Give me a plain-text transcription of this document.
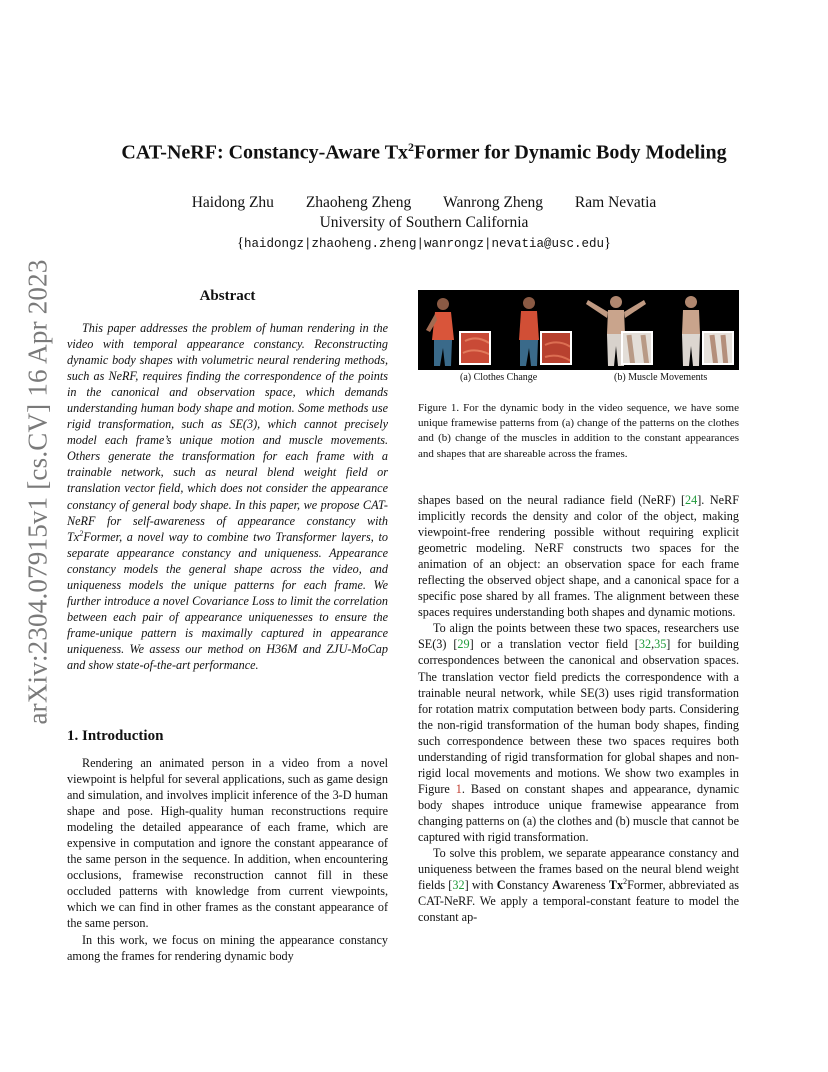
arXiv:2304.07915v1 [cs.CV] 16 Apr 2023
CAT-NeRF: Constancy-Aware Tx$^2$Former for Dynamic Body Modeling
Haidong Zhu Zhaoheng Zheng Wanrong Zheng Ram Nevatia
University of Southern California
{haidongz|zhaoheng.zheng|wanrongz|nevatia@usc.edu}
Abstract

This paper addresses the problem of human rendering in the video with temporal appearance constancy. Reconstructing dynamic body shapes with volumetric neural rendering methods, such as NeRF, requires finding the correspondence of the points in the canonical and observation space, which demands understanding human body shape and motion. Some methods use rigid transformation, such as SE(3), which cannot precisely model each frame’s unique motion and muscle movements. Others generate the transformation for each frame with a trainable network, such as neural blend weight field or translation vector field, which does not consider the appearance constancy of general body shape. In this paper, we propose CAT-NeRF for self-awareness of appearance constancy with Tx$^2$Former, a novel way to combine two Transformer layers, to separate appearance constancy and uniqueness. Appearance constancy models the general shape across the video, and uniqueness models the unique patterns for each frame. We further introduce a novel Covariance Loss to limit the correlation between each pair of appearance uniquenesses to ensure the frame-unique pattern is maximally captured in appearance uniqueness. We assess our method on H36M and ZJU-MoCap and show state-of-the-art performance.

1. Introduction

Rendering an animated person in a video from a novel viewpoint is helpful for several applications, such as game design and simulation, and involves implicit inference of the 3-D human shape and pose. High-quality human reconstructions require modeling the detailed appearance of each frame, which are expensive in computation and ignore the constant appearance of the same person in the sequence. In addition, when encountering occlusions, framewise reconstruction cannot fill in these occluded patterns with knowledge from current viewpoints, which we can find in other frames as the constant appearance of the same person.

In this work, we focus on mining the appearance constancy among the frames for rendering dynamic body

(a) Clothes Change	(b) Muscle Movements

Figure 1. For the dynamic body in the video sequence, we have some unique framewise patterns from (a) change of the patterns on the clothes and (b) change of the muscles in addition to the constant appearances and shapes that are shareable across the frames.

shapes based on the neural radiance field (NeRF) [24]. NeRF implicitly records the density and color of the object, making viewpoint-free rendering possible without requiring explicit geometric modeling. NeRF constructs two spaces for the animation of an object: an observation space for each frame reflecting the observed object shape, and a canonical space for a specific pose shared by all frames. The alignment between these spaces requires understanding both shapes and dynamic motions.

To align the points between these two spaces, researchers use SE(3) [29] or a translation vector field [32,35] for building correspondences between the canonical and observation spaces. The translation vector field predicts the correspondence with a trainable neural network, while SE(3) uses rigid transformation for rotation matrix computation between body parts. Considering the non-rigid transformation of the human body shapes, finding such correspondence between these two spaces requires both understanding of rigid transformation for global shapes and non-rigid local movements and motions. We show two examples in Figure 1. Based on constant shapes and appearance, dynamic body shapes introduce unique framewise appearance from changing patterns on (a) the clothes and (b) muscle that cannot be captured with rigid transformation.

To solve this problem, we separate appearance constancy and uniqueness between the frames based on the neural blend weight fields [32] with Constancy Awareness Tx$^2$Former, abbreviated as CAT-NeRF. We apply a temporal-constant feature to model the constant ap-
